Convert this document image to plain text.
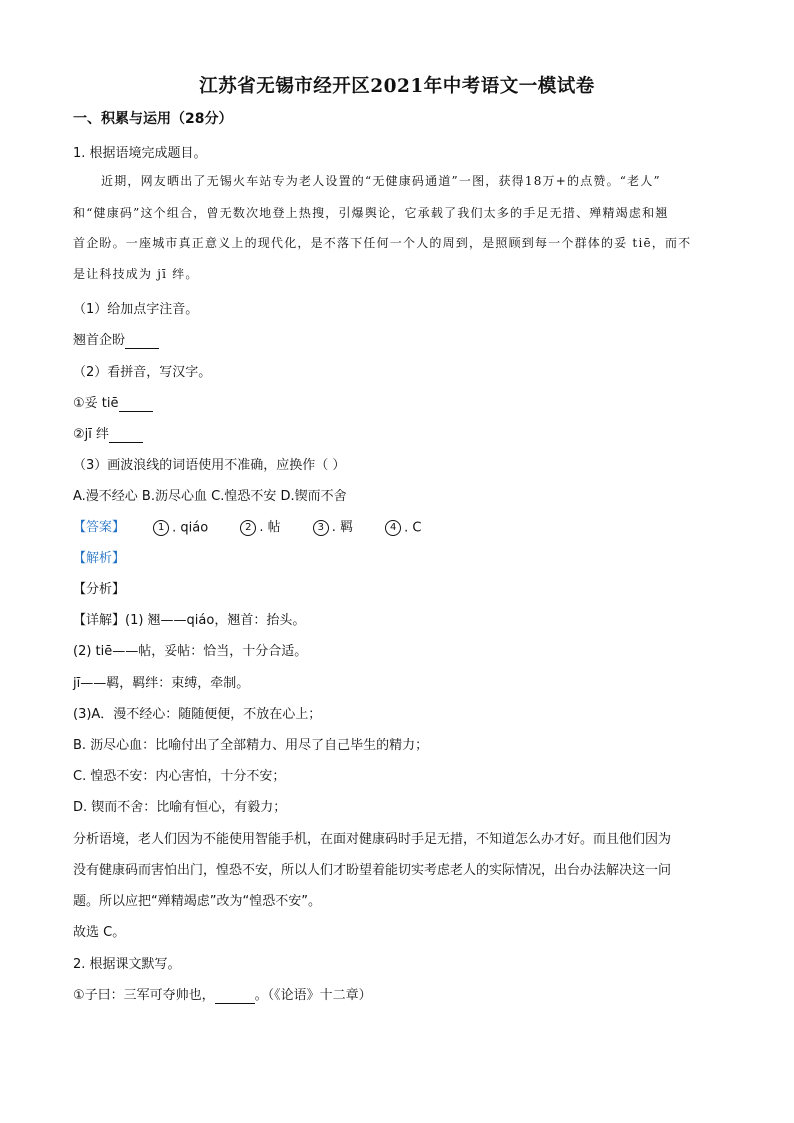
江苏省无锡市经开区2021年中考语文一模试卷
一、积累与运用（28分）
1. 根据语境完成题目。
近期，网友晒出了无锡火车站专为老人设置的“无健康码通道”一图，获得18万+的点赞。“老人”
和“健康码”这个组合，曾无数次地登上热搜，引爆舆论，它承载了我们太多的手足无措、殚精竭虑和翘
首企盼。一座城市真正意义上的现代化，是不落下任何一个人的周到，是照顾到每一个群体的妥 tiē，而不
是让科技成为 jī 绊。
（1）给加点字注音。
翘首企盼
（2）看拼音，写汉字。
①妥 tiē
②jī 绊
（3）画波浪线的词语使用不准确，应换作（ ）
A.漫不经心 B.沥尽心血 C.惶恐不安 D.锲而不舍
【答案】	1 . qiáo	2 . 帖	3 . 羁	4 . C
【解析】
【分析】
【详解】(1) 翘——qiáo，翘首：抬头。
(2) tiē——帖，妥帖：恰当，十分合适。
jī——羁，羁绊：束缚，牵制。
(3)A．漫不经心：随随便便，不放在心上；
B. 沥尽心血：比喻付出了全部精力、用尽了自己毕生的精力；
C. 惶恐不安：内心害怕，十分不安；
D. 锲而不舍：比喻有恒心，有毅力；
分析语境，老人们因为不能使用智能手机，在面对健康码时手足无措，不知道怎么办才好。而且他们因为
没有健康码而害怕出门，惶恐不安，所以人们才盼望着能切实考虑老人的实际情况，出台办法解决这一问
题。所以应把“殚精竭虑”改为“惶恐不安”。
故选 C。
2. 根据课文默写。
①子曰：三军可夺帅也，	。（《论语》十二章）
